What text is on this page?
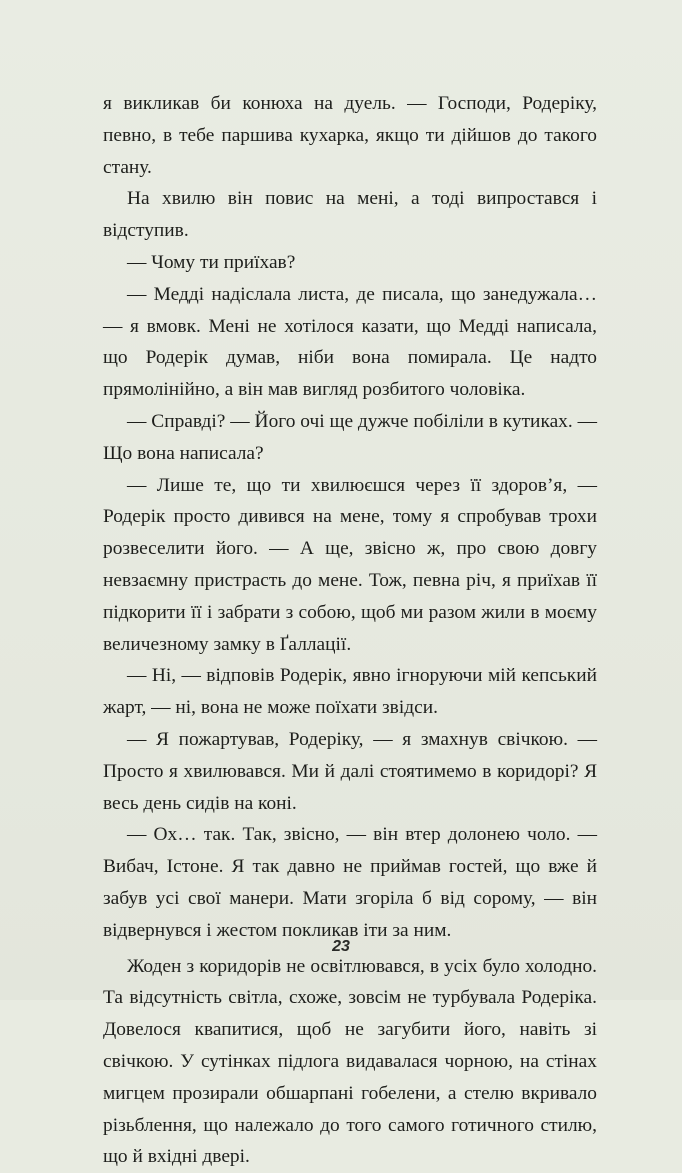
я викликав би конюха на дуель. — Господи, Родеріку, певно, в тебе паршива кухарка, якщо ти дійшов до такого стану.

На хвилю він повис на мені, а тоді випростався і відступив.

— Чому ти приїхав?

— Медді надіслала листа, де писала, що занедужала… — я вмовк. Мені не хотілося казати, що Медді написала, що Родерік думав, ніби вона помирала. Це надто прямолінійно, а він мав вигляд розбитого чоловіка.

— Справді? — Його очі ще дужче побіліли в кутиках. — Що вона написала?

— Лише те, що ти хвилюєшся через її здоров’я, — Родерік просто дивився на мене, тому я спробував трохи розвеселити його. — А ще, звісно ж, про свою довгу невзаємну пристрасть до мене. Тож, певна річ, я приїхав її підкорити її і забрати з собою, щоб ми разом жили в моєму величезному замку в Ґаллації.

— Ні, — відповів Родерік, явно ігноруючи мій кепський жарт, — ні, вона не може поїхати звідси.

— Я пожартував, Родеріку, — я змахнув свічкою. — Просто я хвилювався. Ми й далі стоятимемо в коридорі? Я весь день сидів на коні.

— Ох… так. Так, звісно, — він втер долонею чоло. — Вибач, Істоне. Я так давно не приймав гостей, що вже й забув усі свої манери. Мати згоріла б від сорому, — він відвернувся і жестом покликав іти за ним.

Жоден з коридорів не освітлювався, в усіх було холодно. Та відсутність світла, схоже, зовсім не турбувала Родеріка. Довелося квапитися, щоб не загубити його, навіть зі свічкою. У сутінках підлога видавалася чорною, на стінах мигцем прозирали обшарпані гобелени, а стелю вкривало різьблення, що належало до того самого готичного стилю, що й вхідні двері.

23
